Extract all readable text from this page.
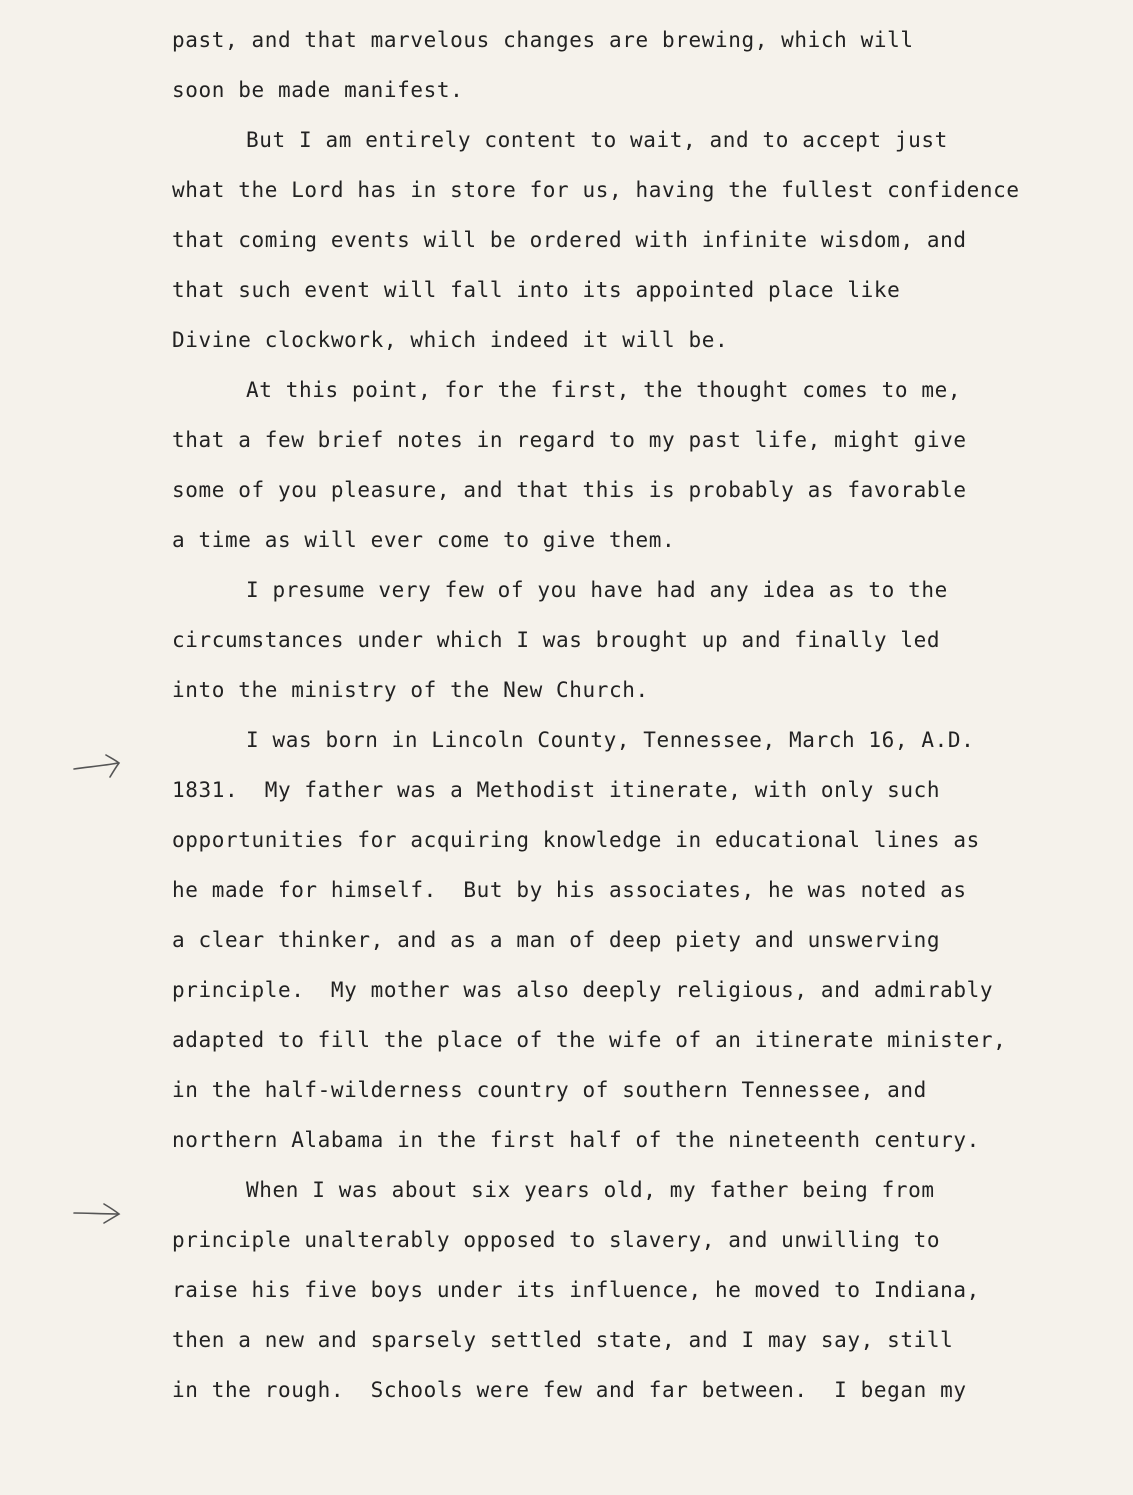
past, and that marvelous changes are brewing, which will
soon be made manifest.
But I am entirely content to wait, and to accept just
what the Lord has in store for us, having the fullest confidence
that coming events will be ordered with infinite wisdom, and
that such event will fall into its appointed place like
Divine clockwork, which indeed it will be.
At this point, for the first, the thought comes to me,
that a few brief notes in regard to my past life, might give
some of you pleasure, and that this is probably as favorable
a time as will ever come to give them.
I presume very few of you have had any idea as to the
circumstances under which I was brought up and finally led
into the ministry of the New Church.
I was born in Lincoln County, Tennessee, March 16, A.D.
1831.  My father was a Methodist itinerate, with only such
opportunities for acquiring knowledge in educational lines as
he made for himself.  But by his associates, he was noted as
a clear thinker, and as a man of deep piety and unswerving
principle.  My mother was also deeply religious, and admirably
adapted to fill the place of the wife of an itinerate minister,
in the half-wilderness country of southern Tennessee, and
northern Alabama in the first half of the nineteenth century.
When I was about six years old, my father being from
principle unalterably opposed to slavery, and unwilling to
raise his five boys under its influence, he moved to Indiana,
then a new and sparsely settled state, and I may say, still
in the rough.  Schools were few and far between.  I began my
